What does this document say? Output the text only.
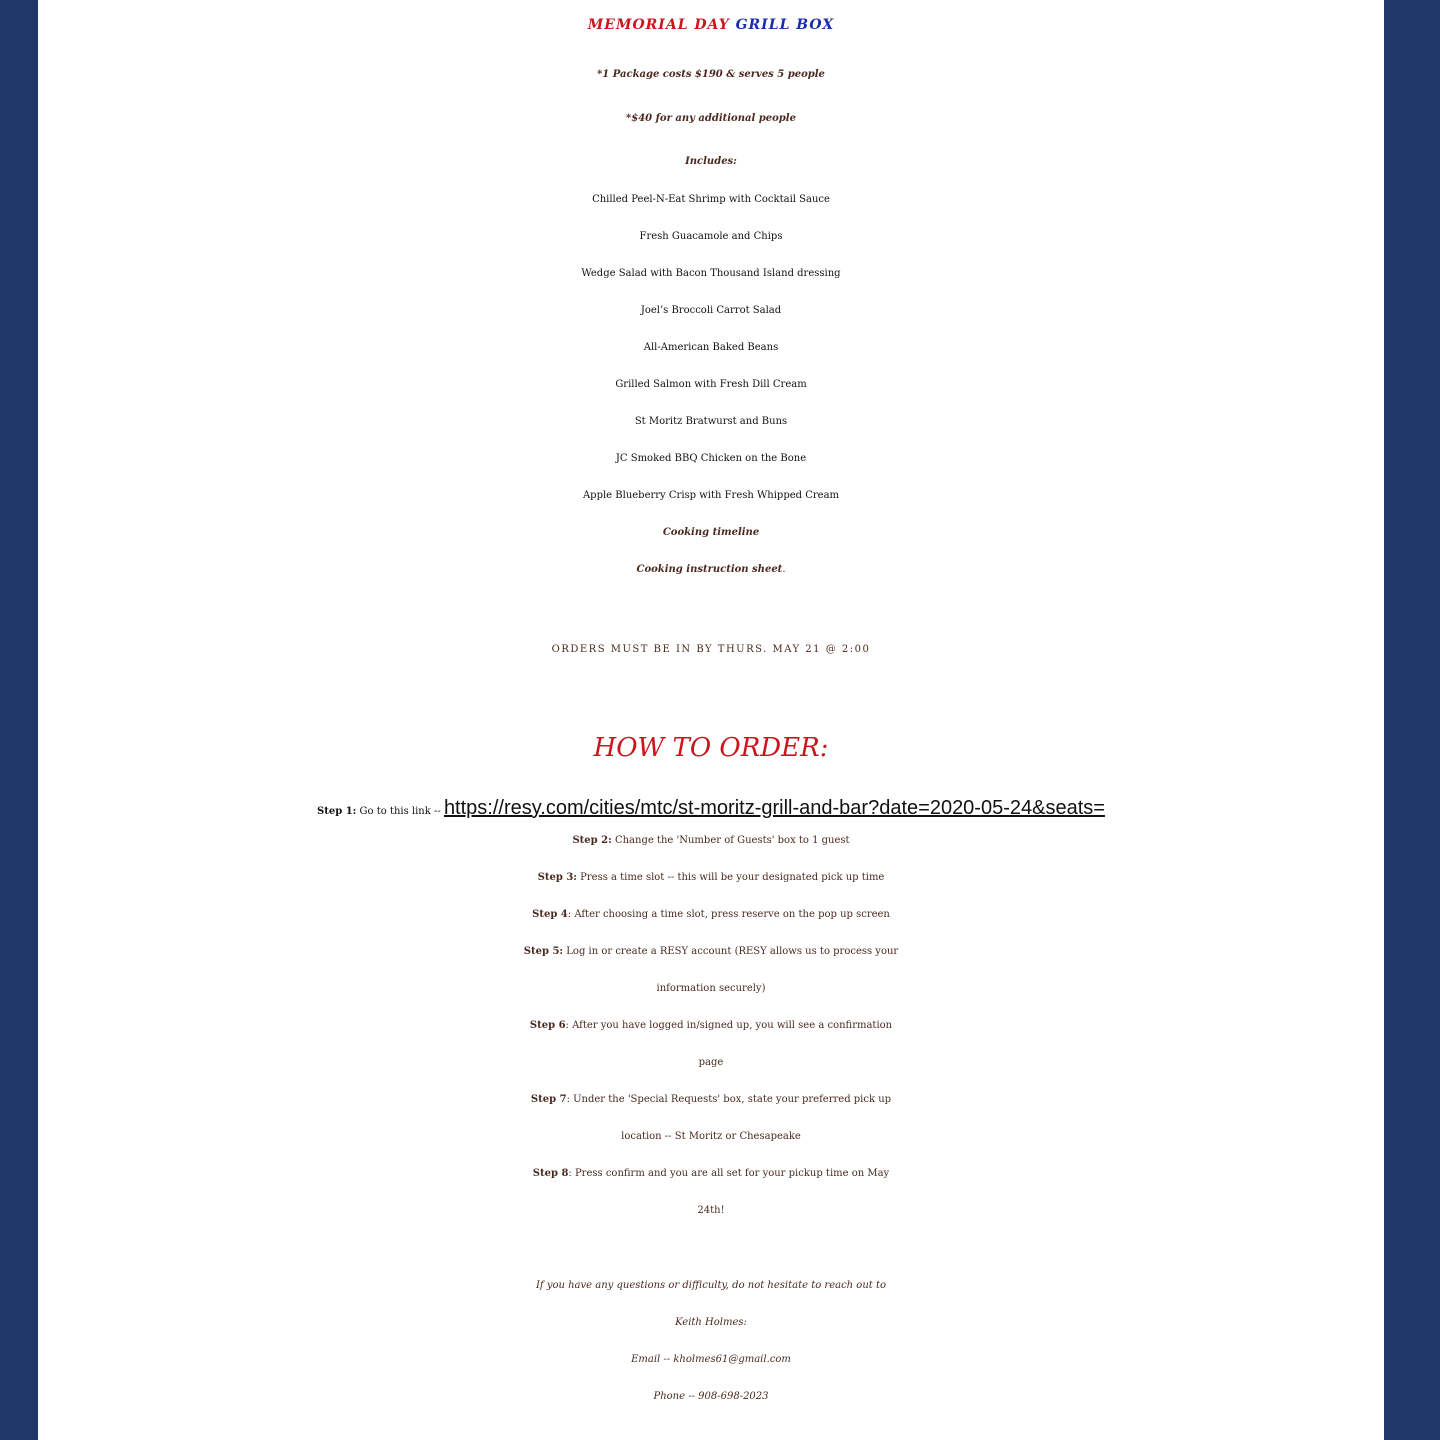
MEMORIAL DAY GRILL BOX
*1 Package costs $190 & serves 5 people
*$40 for any additional people
Includes:
Chilled Peel-N-Eat Shrimp with Cocktail Sauce
Fresh Guacamole and Chips
Wedge Salad with Bacon Thousand Island dressing
Joel’s Broccoli Carrot Salad
All-American Baked Beans
Grilled Salmon with Fresh Dill Cream
St Moritz Bratwurst and Buns
JC Smoked BBQ Chicken on the Bone
Apple Blueberry Crisp with Fresh Whipped Cream
Cooking timeline
Cooking instruction sheet.
ORDERS MUST BE IN BY THURS. MAY 21 @ 2:00
HOW TO ORDER:
Step 1: Go to this link -- https://resy.com/cities/mtc/st-moritz-grill-and-bar?date=2020-05-24&seats=
Step 2: Change the 'Number of Guests' box to 1 guest
Step 3: Press a time slot -- this will be your designated pick up time
Step 4: After choosing a time slot, press reserve on the pop up screen
Step 5: Log in or create a RESY account (RESY allows us to process your
information securely)
Step 6: After you have logged in/signed up, you will see a confirmation
page
Step 7: Under the 'Special Requests' box, state your preferred pick up
location -- St Moritz or Chesapeake
Step 8: Press confirm and you are all set for your pickup time on May
24th!
If you have any questions or difficulty, do not hesitate to reach out to
Keith Holmes:
Email -- kholmes61@gmail.com
Phone -- 908-698-2023
